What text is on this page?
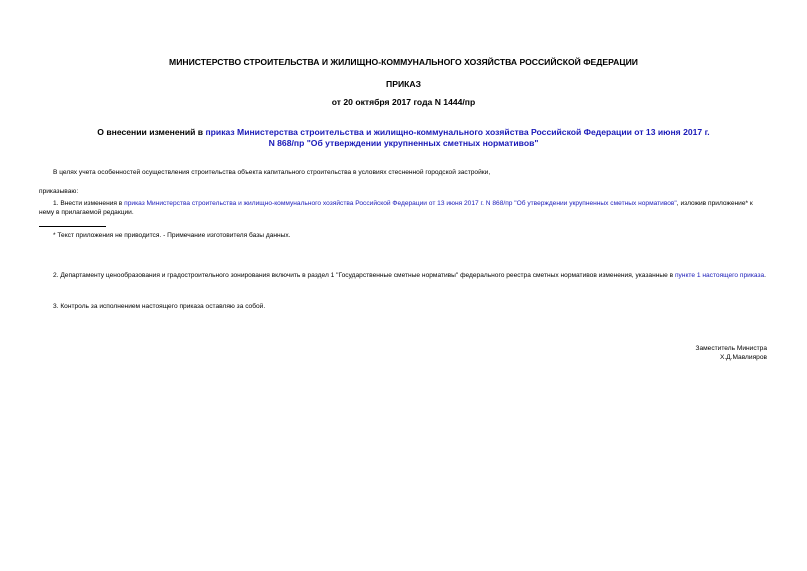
МИНИСТЕРСТВО СТРОИТЕЛЬСТВА И ЖИЛИЩНО-КОММУНАЛЬНОГО ХОЗЯЙСТВА РОССИЙСКОЙ ФЕДЕРАЦИИ
ПРИКАЗ
от 20 октября 2017 года N 1444/пр
О внесении изменений в приказ Министерства строительства и жилищно-коммунального хозяйства Российской Федерации от 13 июня 2017 г. N 868/пр "Об утверждении укрупненных сметных нормативов"
В целях учета особенностей осуществления строительства объекта капитального строительства в условиях стесненной городской застройки,
приказываю:
1. Внести изменения в приказ Министерства строительства и жилищно-коммунального хозяйства Российской Федерации от 13 июня 2017 г. N 868/пр "Об утверждении укрупненных сметных нормативов", изложив приложение* к нему в прилагаемой редакции.
* Текст приложения не приводится. - Примечание изготовителя базы данных.
2. Департаменту ценообразования и градостроительного зонирования включить в раздел 1 "Государственные сметные нормативы" федерального реестра сметных нормативов изменения, указанные в пункте 1 настоящего приказа.
3. Контроль за исполнением настоящего приказа оставляю за собой.
Заместитель Министра
Х.Д.Мавлияров
